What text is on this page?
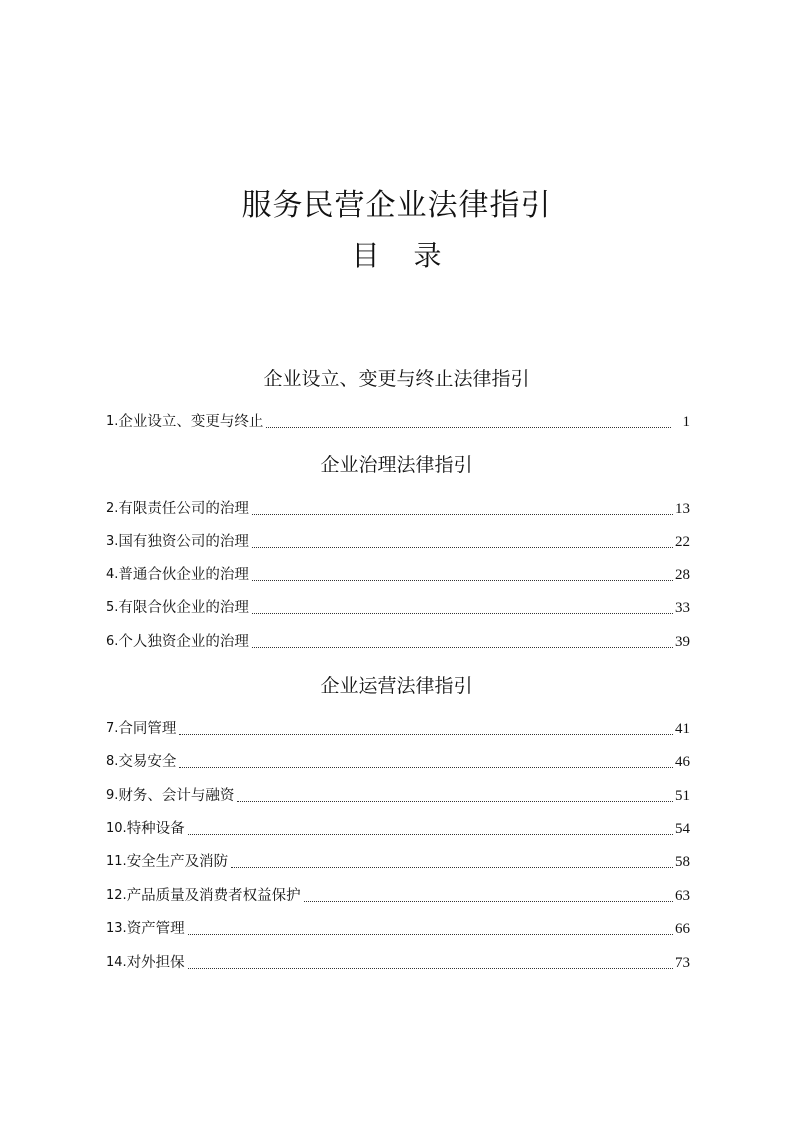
服务民营企业法律指引
目 录
企业设立、变更与终止法律指引
1. 企业设立、变更与终止	1
企业治理法律指引
2. 有限责任公司的治理	13
3. 国有独资公司的治理	22
4. 普通合伙企业的治理	28
5. 有限合伙企业的治理	33
6. 个人独资企业的治理	39
企业运营法律指引
7. 合同管理	41
8. 交易安全	46
9. 财务、会计与融资	51
10. 特种设备	54
11. 安全生产及消防	58
12. 产品质量及消费者权益保护	63
13. 资产管理	66
14. 对外担保	73
